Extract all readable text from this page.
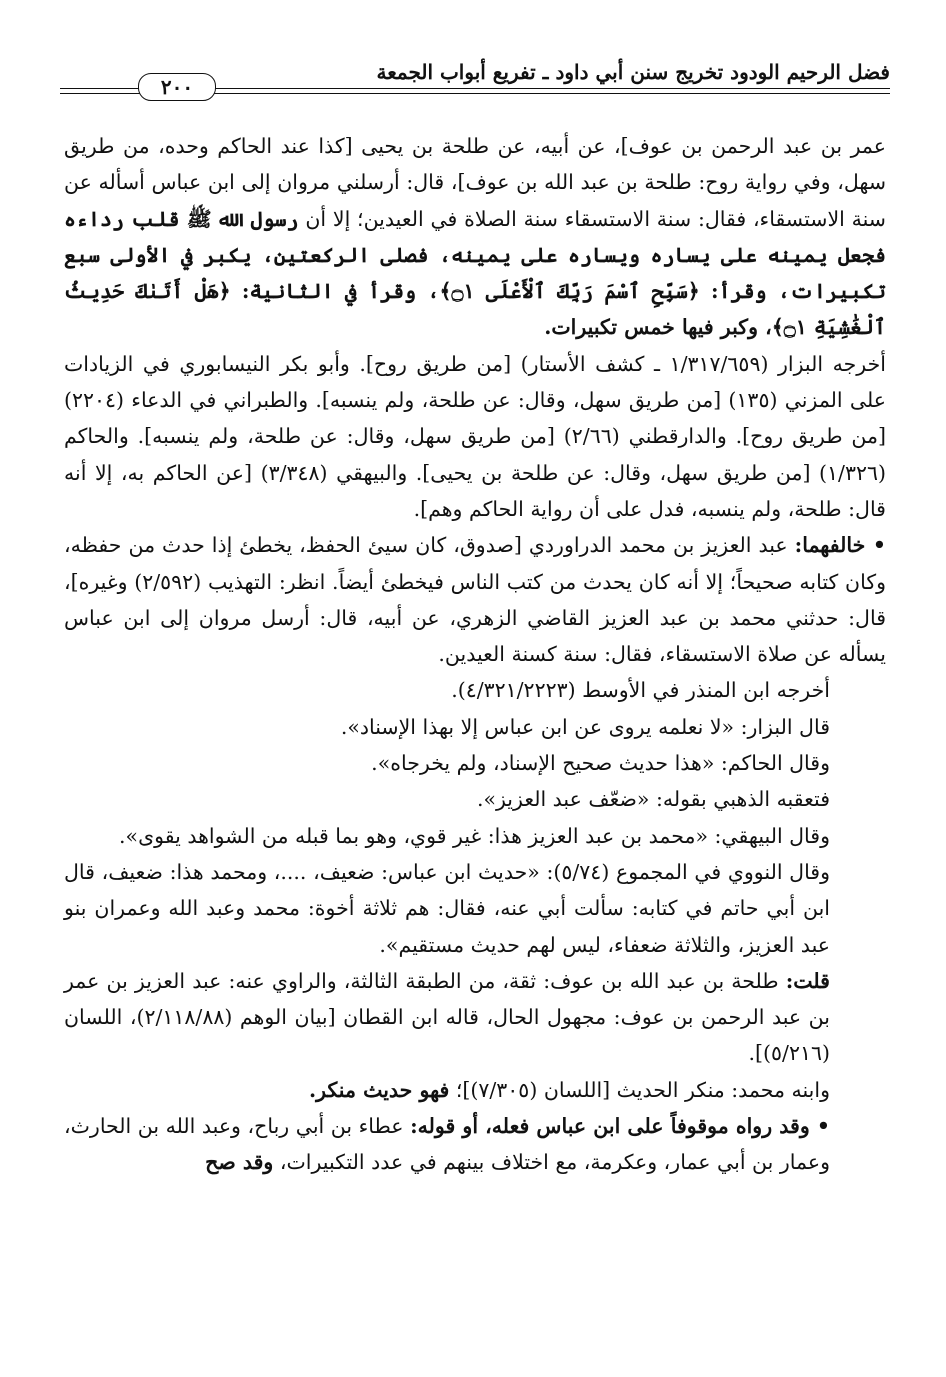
فضل الرحيم الودود تخريج سنن أبي داود ـ تفريع أبواب الجمعة
٢٠٠

عمر بن عبد الرحمن بن عوف]، عن أبيه، عن طلحة بن يحيى [كذا عند الحاكم وحده، من طريق سهل، وفي رواية روح: طلحة بن عبد الله بن عوف]، قال: أرسلني مروان إلى ابن عباس أسأله عن سنة الاستسقاء، فقال: سنة الاستسقاء سنة الصلاة في العيدين؛ إلا أن رسول الله ﷺ قلب رداءه فجعل يمينه على يساره ويساره على يمينه، فصلى الركعتين، يكبر في الأولى سبع تكبيرات، وقرأ: ﴿سَبِّحِ ٱسْمَ رَبِّكَ ٱلْأَعْلَى ۝١﴾، وقرأ في الثانية: ﴿هَلْ أَتَىٰكَ حَدِيثُ ٱلْغَٰشِيَةِ ۝١﴾، وكبر فيها خمس تكبيرات.

أخرجه البزار (١/٣١٧/٦٥٩ ـ كشف الأستار) [من طريق روح]. وأبو بكر النيسابوري في الزيادات على المزني (١٣٥) [من طريق سهل، وقال: عن طلحة، ولم ينسبه]. والطبراني في الدعاء (٢٢٠٤) [من طريق روح]. والدارقطني (٢/٦٦) [من طريق سهل، وقال: عن طلحة، ولم ينسبه]. والحاكم (١/٣٢٦) [من طريق سهل، وقال: عن طلحة بن يحيى]. والبيهقي (٣/٣٤٨) [عن الحاكم به، إلا أنه قال: طلحة، ولم ينسبه، فدل على أن رواية الحاكم وهم].

• خالفهما: عبد العزيز بن محمد الدراوردي [صدوق، كان سيئ الحفظ، يخطئ إذا حدث من حفظه، وكان كتابه صحيحاً؛ إلا أنه كان يحدث من كتب الناس فيخطئ أيضاً. انظر: التهذيب (٢/٥٩٢) وغيره]، قال: حدثني محمد بن عبد العزيز القاضي الزهري، عن أبيه، قال: أرسل مروان إلى ابن عباس يسأله عن صلاة الاستسقاء، فقال: سنة كسنة العيدين.

أخرجه ابن المنذر في الأوسط (٤/٣٢١/٢٢٢٣).

قال البزار: «لا نعلمه يروى عن ابن عباس إلا بهذا الإسناد».

وقال الحاكم: «هذا حديث صحيح الإسناد، ولم يخرجاه».

فتعقبه الذهبي بقوله: «ضعّف عبد العزيز».

وقال البيهقي: «محمد بن عبد العزيز هذا: غير قوي، وهو بما قبله من الشواهد يقوى».

وقال النووي في المجموع (٥/٧٤): «حديث ابن عباس: ضعيف، ....، ومحمد هذا: ضعيف، قال ابن أبي حاتم في كتابه: سألت أبي عنه، فقال: هم ثلاثة أخوة: محمد وعبد الله وعمران بنو عبد العزيز، والثلاثة ضعفاء، ليس لهم حديث مستقيم».

قلت: طلحة بن عبد الله بن عوف: ثقة، من الطبقة الثالثة، والراوي عنه: عبد العزيز بن عمر بن عبد الرحمن بن عوف: مجهول الحال، قاله ابن القطان [بيان الوهم (٢/١١٨/٨٨)، اللسان (٥/٢١٦)].

وابنه محمد: منكر الحديث [اللسان (٧/٣٠٥)]؛ فهو حديث منكر.

• وقد رواه موقوفاً على ابن عباس فعله، أو قوله: عطاء بن أبي رباح، وعبد الله بن الحارث، وعمار بن أبي عمار، وعكرمة، مع اختلاف بينهم في عدد التكبيرات، وقد صح
